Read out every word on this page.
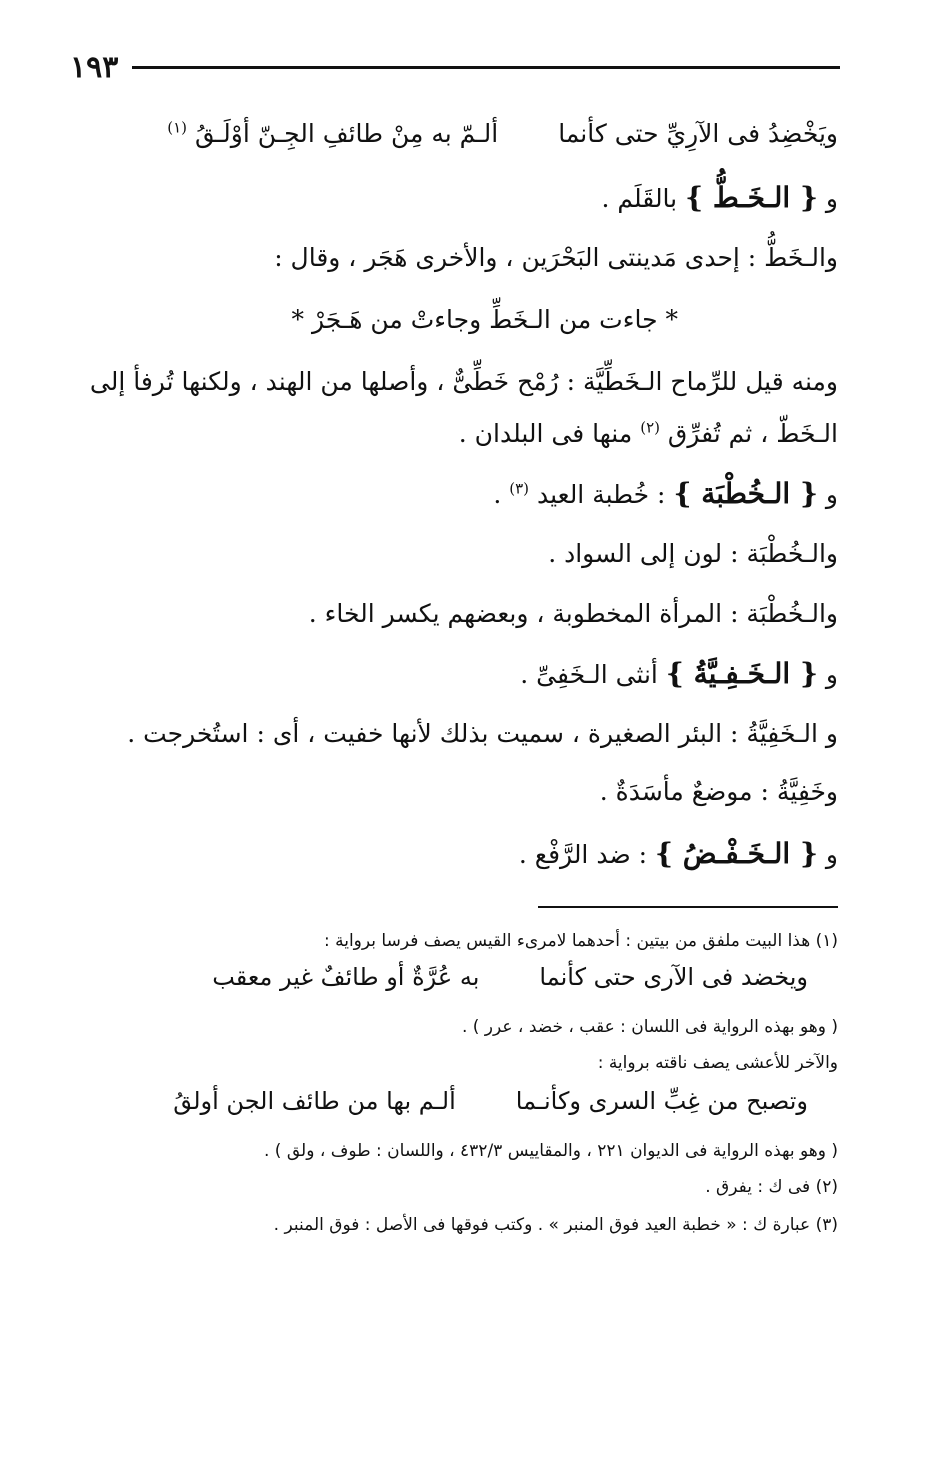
١٩٣
ويَخْضِدُ فى الآرِيِّ حتى كأنما
ألـمّ به مِنْ طائفِ الجِـنّ أوْلَـقُ $^{(١)}$
و { الـخَـطُّ } بالقَلَم .
والـخَطُّ : إحدى مَدينتى البَحْرَين ، والأخرى هَجَر ، وقال :
* جاءت من الـخَطِّ وجاءتْ من هَـجَرْ *
ومنه قيل للرِّماح الـخَطِّيَّة : رُمْح خَطِّىٌّ ، وأصلها من الهند ، ولكنها تُرفأ إلى
الـخَطّ ، ثم تُفرِّق $^{(٢)}$ منها فى البلدان .
و { الـخُطْبَة } : خُطبة العيد $^{(٣)}$ .
والـخُطْبَة : لون إلى السواد .
والـخُطْبَة : المرأة المخطوبة ، وبعضهم يكسر الخاء .
و { الـخَـفِـيَّةُ } أنثى الـخَفِىِّ .
و الـخَفِيَّةُ : البئر الصغيرة ، سميت بذلك لأنها خفيت ، أى : استُخرجت .
وخَفِيَّةُ : موضعٌ مأسَدَةٌ .
و { الـخَـفْـضُ } : ضد الرَّفْع .
(١) هذا البيت ملفق من بيتين : أحدهما لامرىء القيس يصف فرسا برواية :
ويخضد فى الآرى حتى كأنما
به عُرَّةٌ أو طائفٌ غير معقب
( وهو بهذه الرواية فى اللسان : عقب ، خضد ، عرر ) .
والآخر للأعشى يصف ناقته برواية :
وتصبح من غِبِّ السرى وكأنـما
ألـم بها من طائف الجن أولقُ
( وهو بهذه الرواية فى الديوان ٢٢١ ، والمقاييس ٤٣٢/٣ ، واللسان : طوف ، ولق ) .
(٢) فى ك : يفرق .
(٣) عبارة ك : « خطبة العيد فوق المنبر » . وكتب فوقها فى الأصل : فوق المنبر .
